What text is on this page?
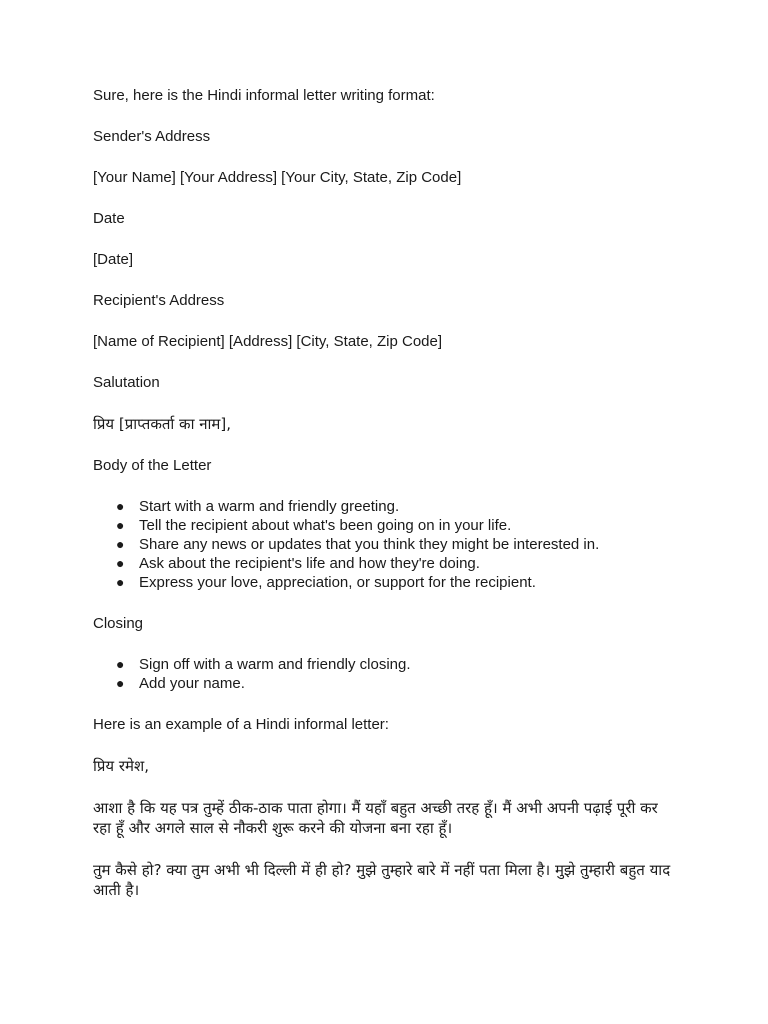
Sure, here is the Hindi informal letter writing format:

Sender's Address

[Your Name] [Your Address] [Your City, State, Zip Code]

Date

[Date]

Recipient's Address

[Name of Recipient] [Address] [City, State, Zip Code]

Salutation

प्रिय [प्राप्तकर्ता का नाम],

Body of the Letter

● Start with a warm and friendly greeting.
● Tell the recipient about what's been going on in your life.
● Share any news or updates that you think they might be interested in.
● Ask about the recipient's life and how they're doing.
● Express your love, appreciation, or support for the recipient.

Closing

● Sign off with a warm and friendly closing.
● Add your name.

Here is an example of a Hindi informal letter:

प्रिय रमेश,

आशा है कि यह पत्र तुम्हें ठीक-ठाक पाता होगा। मैं यहाँ बहुत अच्छी तरह हूँ। मैं अभी अपनी पढ़ाई पूरी कर रहा हूँ और अगले साल से नौकरी शुरू करने की योजना बना रहा हूँ।

तुम कैसे हो? क्या तुम अभी भी दिल्ली में ही हो? मुझे तुम्हारे बारे में नहीं पता मिला है। मुझे तुम्हारी बहुत याद आती है।
